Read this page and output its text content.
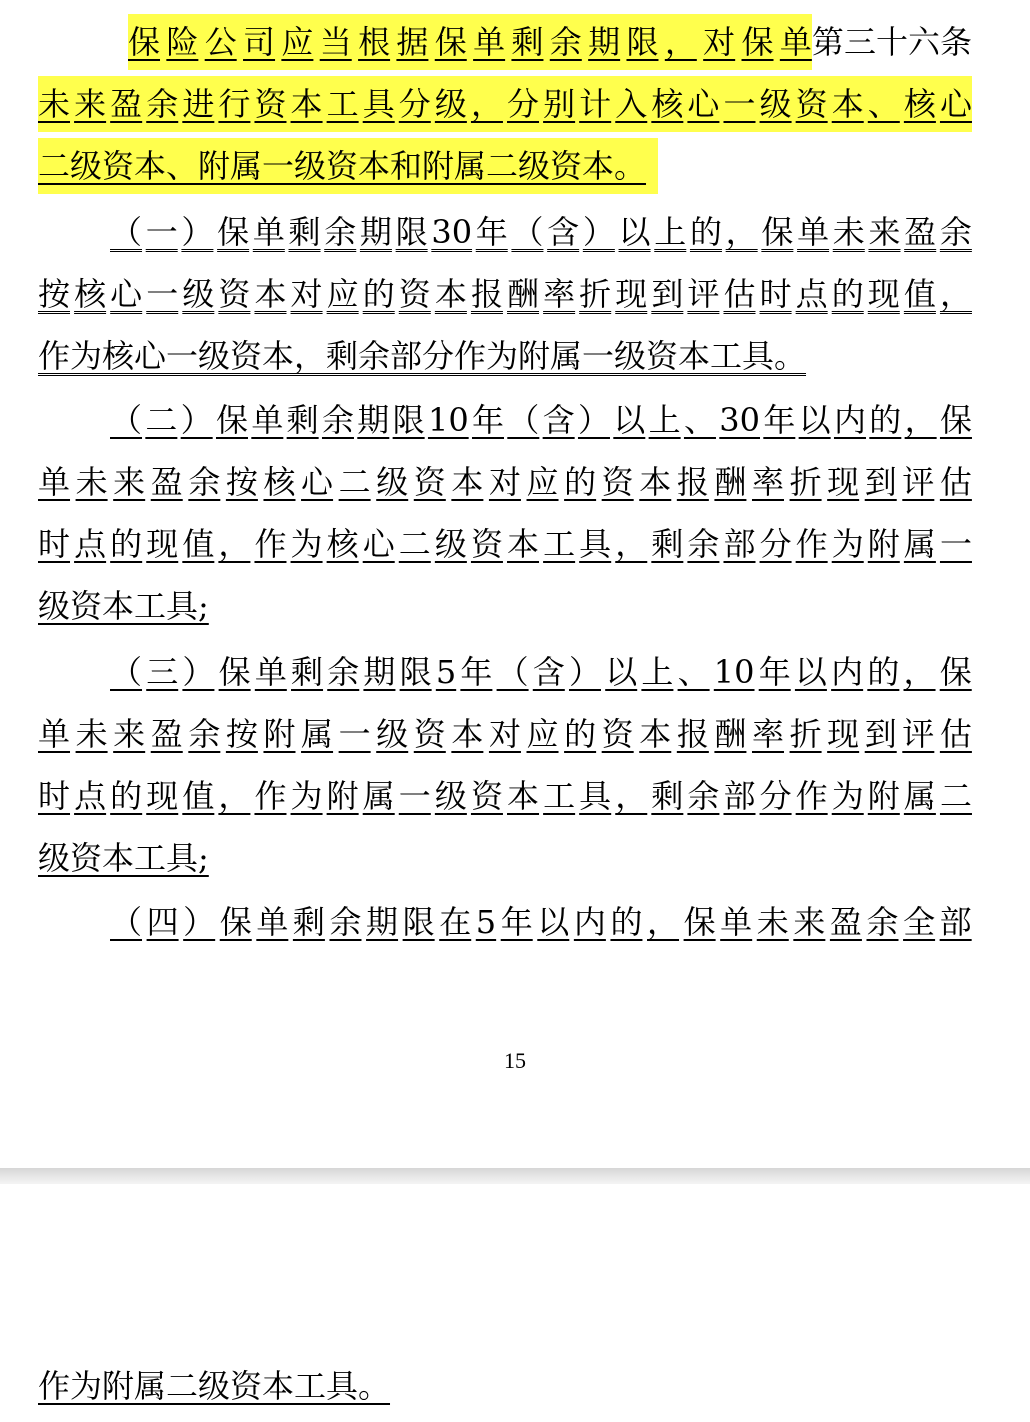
保 险 公 司 应 当 根 据 保 单 剩 余 期 限 ， 对 保 单 第 三 十 六 条
未 来 盈 余 进 行 资 本 工 具 分 级 ， 分 别 计 入 核 心 一 级 资 本 、 核 心
二级资本、附属一级资本和附属二级资本。
（ 一 ） 保 单 剩 余 期 限 30 年 （ 含 ） 以 上 的 ， 保 单 未 来 盈 余
按 核 心 一 级 资 本 对 应 的 资 本 报 酬 率 折 现 到 评 估 时 点 的 现 值 ，
作为核心一级资本，剩余部分作为附属一级资本工具。
（ 二 ） 保 单 剩 余 期 限 10 年 （ 含 ） 以 上 、 30 年 以 内 的 ， 保
单 未 来 盈 余 按 核 心 二 级 资 本 对 应 的 资 本 报 酬 率 折 现 到 评 估
时 点 的 现 值 ， 作 为 核 心 二 级 资 本 工 具 ， 剩 余 部 分 作 为 附 属 一
级资本工具;
（ 三 ） 保 单 剩 余 期 限 5 年 （ 含 ） 以 上 、 10 年 以 内 的 ， 保
单 未 来 盈 余 按 附 属 一 级 资 本 对 应 的 资 本 报 酬 率 折 现 到 评 估
时 点 的 现 值 ， 作 为 附 属 一 级 资 本 工 具 ， 剩 余 部 分 作 为 附 属 二
级资本工具;
（ 四 ） 保 单 剩 余 期 限 在 5 年 以 内 的 ， 保 单 未 来 盈 余 全 部
15
作为附属二级资本工具。
